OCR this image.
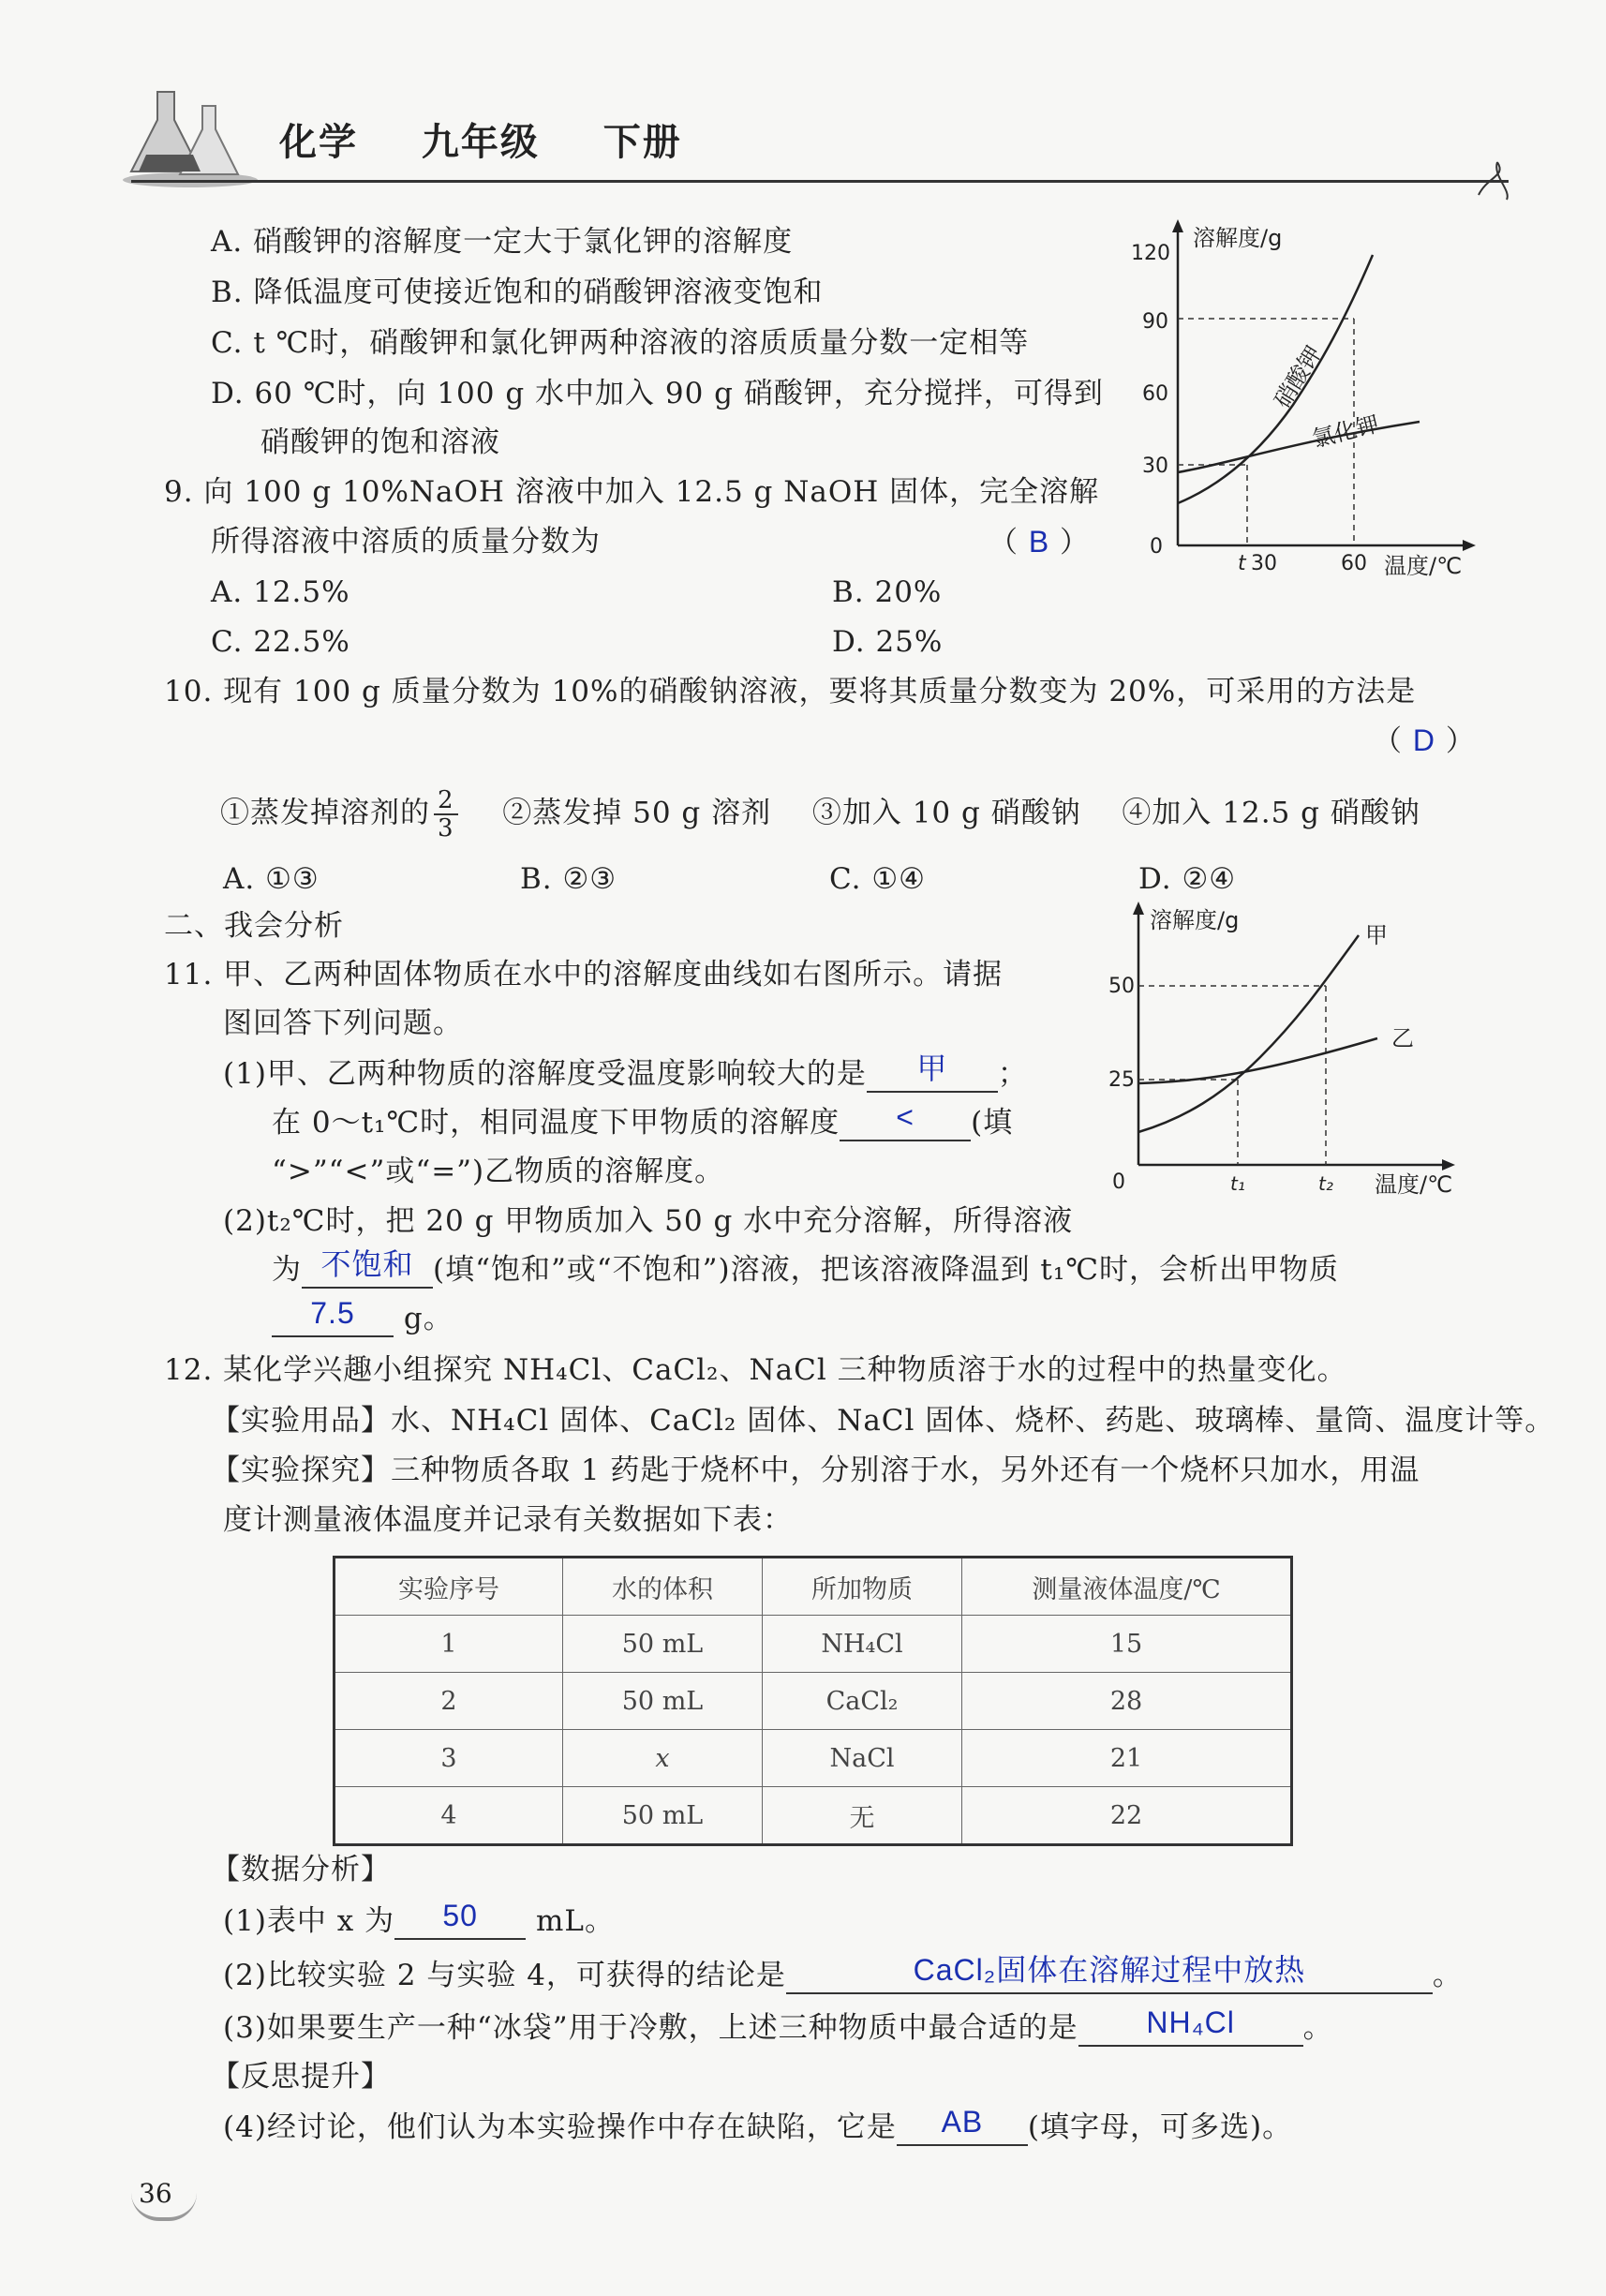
化学 九年级 下册
A. 硝酸钾的溶解度一定大于氯化钾的溶解度
B. 降低温度可使接近饱和的硝酸钾溶液变饱和
C. t ℃时，硝酸钾和氯化钾两种溶液的溶质质量分数一定相等
D. 60 ℃时，向 100 g 水中加入 90 g 硝酸钾，充分搅拌，可得到
硝酸钾的饱和溶液
溶解度/g
120
90
60
30
0
硝酸钾
氯化钾
t 30	60 温度/℃
9. 向 100 g 10%NaOH 溶液中加入 12.5 g NaOH 固体，完全溶解
所得溶液中溶质的质量分数为	（ B ）
A. 12.5%	B. 20%
C. 22.5%	D. 25%
10. 现有 100 g 质量分数为 10%的硝酸钠溶液，要将其质量分数变为 20%，可采用的方法是
（ D ）
①蒸发掉溶剂的 $\frac{2}{3}$ ②蒸发掉 50 g 溶剂 ③加入 10 g 硝酸钠 ④加入 12.5 g 硝酸钠
A. ①③	B. ②③	C. ①④	D. ②④
二、我会分析
11. 甲、乙两种固体物质在水中的溶解度曲线如右图所示。请据
图回答下列问题。
(1)甲、乙两种物质的溶解度受温度影响较大的是	甲	；
在 0～t₁℃时，相同温度下甲物质的溶解度	<	(填
“>”“<”或“=”)乙物质的溶解度。
(2)t₂℃时，把 20 g 甲物质加入 50 g 水中充分溶解，所得溶液
为 不饱和 (填“饱和”或“不饱和”)溶液，把该溶液降温到 t₁℃时，会析出甲物质
7.5	g。
溶解度/g
50
25
0
甲
乙
t₁	t₂ 温度/℃
12. 某化学兴趣小组探究 NH₄Cl、CaCl₂、NaCl 三种物质溶于水的过程中的热量变化。
【实验用品】水、NH₄Cl 固体、CaCl₂ 固体、NaCl 固体、烧杯、药匙、玻璃棒、量筒、温度计等。
【实验探究】三种物质各取 1 药匙于烧杯中，分别溶于水，另外还有一个烧杯只加水，用温
度计测量液体温度并记录有关数据如下表：
实验序号	水的体积	所加物质	测量液体温度/℃
1	50 mL	NH₄Cl	15
2	50 mL	CaCl₂	28
3	x	NaCl	21
4	50 mL	无	22
【数据分析】
(1)表中 x 为	50	mL。
(2)比较实验 2 与实验 4，可获得的结论是	CaCl₂固体在溶解过程中放热	。
(3)如果要生产一种“冰袋”用于冷敷，上述三种物质中最合适的是	NH₄Cl	。
【反思提升】
(4)经讨论，他们认为本实验操作中存在缺陷，它是	AB	(填字母，可多选)。
36
